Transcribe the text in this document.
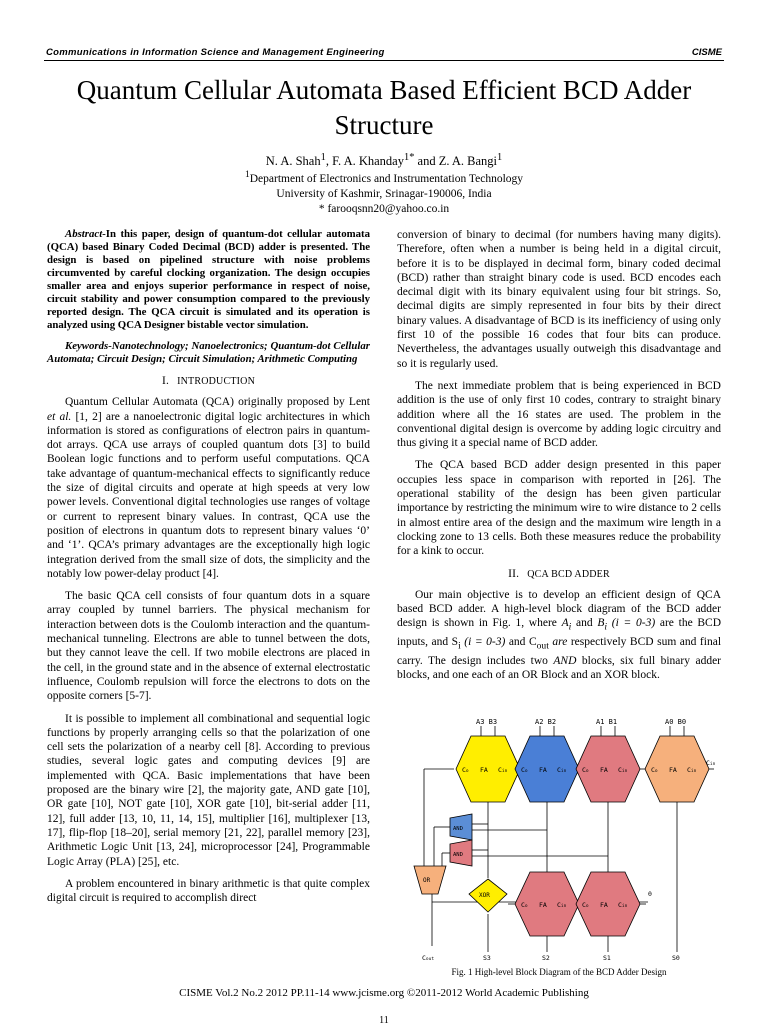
Communications in Information Science and Management Engineering	CISME
Quantum Cellular Automata Based Efficient BCD Adder Structure
N. A. Shah$^1$, F. A. Khanday$^{1*}$ and Z. A. Bangi$^1$
$^1$Department of Electronics and Instrumentation Technology
University of Kashmir, Srinagar-190006, India
* farooqsnn20@yahoo.co.in

Abstract-In this paper, design of quantum-dot cellular automata (QCA) based Binary Coded Decimal (BCD) adder is presented. The design is based on pipelined structure with noise problems circumvented by careful clocking organization. The design occupies smaller area and enjoys superior performance in respect of noise, circuit stability and power consumption compared to the previously reported design. The QCA circuit is simulated and its operation is analyzed using QCA Designer bistable vector simulation.

Keywords-Nanotechnology; Nanoelectronics; Quantum-dot Cellular Automata; Circuit Design; Circuit Simulation; Arithmetic Computing

I. INTRODUCTION

Quantum Cellular Automata (QCA) originally proposed by Lent et al. [1, 2] are a nanoelectronic digital logic architectures in which information is stored as configurations of electron pairs in quantum-dot arrays. QCA use arrays of coupled quantum dots [3] to build Boolean logic functions and to perform useful computations. QCA take advantage of quantum-mechanical effects to significantly reduce the size of digital circuits and operate at high speeds at very low power levels. Conventional digital technologies use ranges of voltage or current to represent binary values. In contrast, QCA use the position of electrons in quantum dots to represent binary values ‘0’ and ‘1’. QCA’s primary advantages are the exceptionally high logic integration derived from the small size of dots, the simplicity and the notably low power-delay product [4].

The basic QCA cell consists of four quantum dots in a square array coupled by tunnel barriers. The physical mechanism for interaction between dots is the Coulomb interaction and the quantum-mechanical tunneling. Electrons are able to tunnel between the dots, but they cannot leave the cell. If two mobile electrons are placed in the cell, in the ground state and in the absence of external electrostatic influence, Coulomb repulsion will force the electrons to dots on the opposite corners [5-7].

It is possible to implement all combinational and sequential logic functions by properly arranging cells so that the polarization of one cell sets the polarization of a nearby cell [8]. According to previous studies, several logic gates and computing devices [9] are implemented with QCA. Basic implementations that have been proposed are the binary wire [2], the majority gate, AND gate [10], OR gate [10], NOT gate [10], XOR gate [10], bit-serial adder [11, 12], full adder [13, 10, 11, 14, 15], multiplier [16], multiplexer [13, 17], flip-flop [18–20], serial memory [21, 22], parallel memory [23], Arithmetic Logic Unit [13, 24], microprocessor [24], Programmable Logic Array (PLA) [25], etc.

A problem encountered in binary arithmetic is that quite complex digital circuit is required to accomplish direct

conversion of binary to decimal (for numbers having many digits). Therefore, often when a number is being held in a digital circuit, before it is to be displayed in decimal form, binary coded decimal (BCD) rather than straight binary code is used. BCD encodes each decimal digit with its binary equivalent using four bit strings. So, decimal digits are simply represented in four bits by their direct binary values. A disadvantage of BCD is its inefficiency of using only first 10 of the possible 16 codes that four bits can produce. Nevertheless, the advantages usually outweigh this disadvantage and so it is regularly used.

The next immediate problem that is being experienced in BCD addition is the use of only first 10 codes, contrary to straight binary addition where all the 16 states are used. The problem in the conventional digital design is overcome by adding logic circuitry and thus giving it a special name of BCD adder.

The QCA based BCD adder design presented in this paper occupies less space in comparison with reported in [26]. The operational stability of the design has been given particular importance by restricting the minimum wire to wire distance to 2 cells in almost entire area of the design and the maximum wire length in a clocking zone to 13 cells. Both these measures reduce the probability for a kink to occur.

II. QCA BCD ADDER

Our main objective is to develop an efficient design of QCA based BCD adder. A high-level block diagram of the BCD adder design is shown in Fig. 1, where $A_i$ and $B_i$ (i = 0-3) are the BCD inputs, and $S_i$ (i = 0-3) and $C_{out}$ are respectively BCD sum and final carry. The design includes two AND blocks, six full binary adder blocks, and one each of an OR Block and an XOR block.

A3 B3	A2 B2	A1 B1	A0 B0
Co FA Cin Co FA Cin Co FA Cin	Co FA Cin
Cin
AND
AND
OR
XOR
Co FA Cin Co FA Cin
0
Cout	S3	S2	S1	S0
Fig. 1 High-level Block Diagram of the BCD Adder Design
CISME Vol.2 No.2 2012 PP.11-14 www.jcisme.org ©2011-2012 World Academic Publishing
11
